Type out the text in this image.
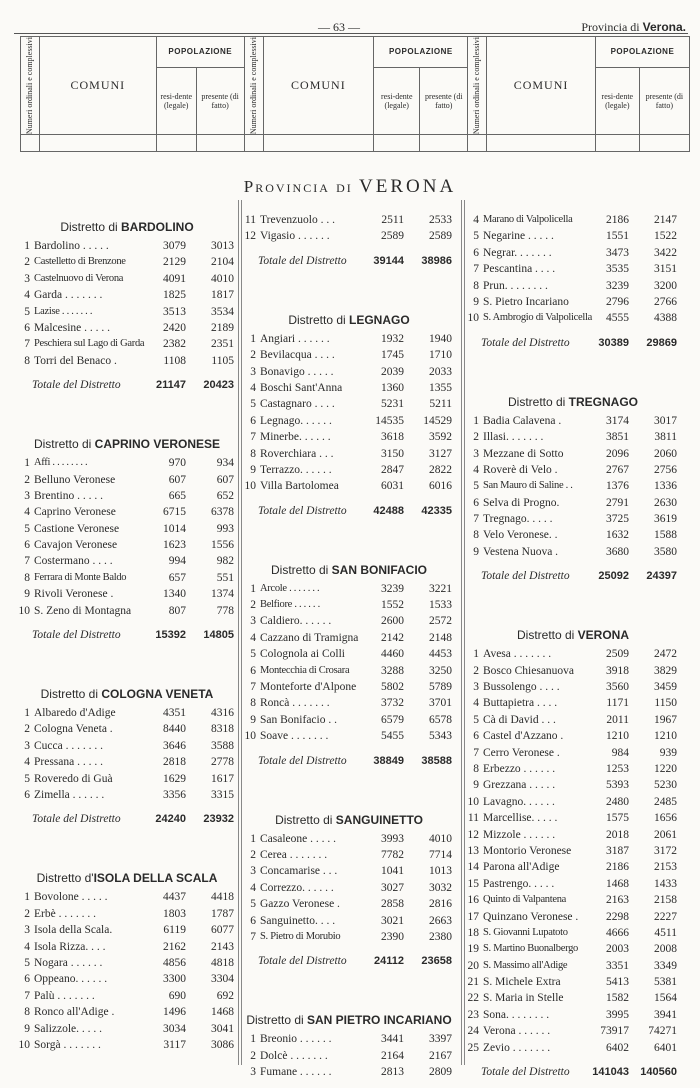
— 63 —	Provincia di Verona.
Numeri ordinali e complessivi	COMUNI	POPOLAZIONE		Numeri ordinali e complessivi	COMUNI	POPOLAZIONE		Numeri ordinali e complessivi	COMUNI	POPOLAZIONE	
		resi-dente (legale)	presente (di fatto)			resi-dente (legale)	presente (di fatto)			resi-dente (legale)	presente (di fatto)

Provincia di VERONA
Distretto di BARDOLINO
1 Bardolino . . . . .	3079	3013
2 Castelletto di Brenzone	2129	2104
3 Castelnuovo di Verona	4091	4010
4 Garda . . . . . . .	1825	1817
5 Lazise . . . . . . .	3513	3534
6 Malcesine . . . . .	2420	2189
7 Peschiera sul Lago di Garda	2382	2351
8 Torri del Benaco .	1108	1105
Totale del Distretto	21147	20423
Distretto di CAPRINO VERONESE
1 Affi . . . . . . . .	970	934
2 Belluno Veronese	607	607
3 Brentino . . . . .	665	652
4 Caprino Veronese	6715	6378
5 Castione Veronese	1014	993
6 Cavajon Veronese	1623	1556
7 Costermano . . . .	994	982
8 Ferrara di Monte Baldo	657	551
9 Rivoli Veronese .	1340	1374
10 S. Zeno di Montagna	807	778
Totale del Distretto	15392	14805
Distretto di COLOGNA VENETA
1 Albaredo d'Adige	4351	4316
2 Cologna Veneta .	8440	8318
3 Cucca . . . . . . .	3646	3588
4 Pressana . . . . .	2818	2778
5 Roveredo di Guà	1629	1617
6 Zimella . . . . . .	3356	3315
Totale del Distretto	24240	23932
Distretto d'ISOLA DELLA SCALA
1 Bovolone . . . . .	4437	4418
2 Erbè . . . . . . .	1803	1787
3 Isola della Scala.	6119	6077
4 Isola Rizza. . . .	2162	2143
5 Nogara . . . . . .	4856	4818
6 Oppeano. . . . . .	3300	3304
7 Palù . . . . . . .	690	692
8 Ronco all'Adige .	1496	1468
9 Salizzole. . . . .	3034	3041
10 Sorgà . . . . . . .	3117	3086
11 Trevenzuolo . . .	2511	2533
12 Vigasio . . . . . .	2589	2589
Totale del Distretto	39144	38986
Distretto di LEGNAGO
1 Angiari . . . . . .	1932	1940
2 Bevilacqua . . . .	1745	1710
3 Bonavigo . . . . .	2039	2033
4 Boschi Sant'Anna	1360	1355
5 Castagnaro . . . .	5231	5211
6 Legnago. . . . . .	14535	14529
7 Minerbe. . . . . .	3618	3592
8 Roverchiara . . .	3150	3127
9 Terrazzo. . . . . .	2847	2822
10 Villa Bartolomea	6031	6016
Totale del Distretto	42488	42335
Distretto di SAN BONIFACIO
1 Arcole . . . . . . .	3239	3221
2 Belfiore . . . . . .	1552	1533
3 Caldiero. . . . . .	2600	2572
4 Cazzano di Tramigna	2142	2148
5 Colognola ai Colli	4460	4453
6 Montecchia di Crosara	3288	3250
7 Monteforte d'Alpone	5802	5789
8 Roncà . . . . . . .	3732	3701
9 San Bonifacio . .	6579	6578
10 Soave . . . . . . .	5455	5343
Totale del Distretto	38849	38588
Distretto di SANGUINETTO
1 Casaleone . . . . .	3993	4010
2 Cerea . . . . . . .	7782	7714
3 Concamarise . . .	1041	1013
4 Correzzo. . . . . .	3027	3032
5 Gazzo Veronese .	2858	2816
6 Sanguinetto. . . .	3021	2663
7 S. Pietro di Morubio	2390	2380
Totale del Distretto	24112	23658
Distretto di SAN PIETRO INCARIANO
1 Breonio . . . . . .	3441	3397
2 Dolcè . . . . . . .	2164	2167
3 Fumane . . . . . .	2813	2809
4 Marano di Valpolicella	2186	2147
5 Negarine . . . . .	1551	1522
6 Negrar. . . . . . .	3473	3422
7 Pescantina . . . .	3535	3151
8 Prun. . . . . . . .	3239	3200
9 S. Pietro Incariano	2796	2766
10 S. Ambrogio di Valpolicella	4555	4388
Totale del Distretto	30389	29869
Distretto di TREGNAGO
1 Badia Calavena .	3174	3017
2 Illasi. . . . . . .	3851	3811
3 Mezzane di Sotto	2096	2060
4 Roverè di Velo .	2767	2756
5 San Mauro di Saline . .	1376	1336
6 Selva di Progno.	2791	2630
7 Tregnago. . . . .	3725	3619
8 Velo Veronese. .	1632	1588
9 Vestena Nuova .	3680	3580
Totale del Distretto	25092	24397
Distretto di VERONA
1 Avesa . . . . . . .	2509	2472
2 Bosco Chiesanuova	3918	3829
3 Bussolengo . . . .	3560	3459
4 Buttapietra . . . .	1171	1150
5 Cà di David . . .	2011	1967
6 Castel d'Azzano .	1210	1210
7 Cerro Veronese .	984	939
8 Erbezzo . . . . . .	1253	1220
9 Grezzana . . . . .	5393	5230
10 Lavagno. . . . . .	2480	2485
11 Marcellise. . . . .	1575	1656
12 Mizzole . . . . . .	2018	2061
13 Montorio Veronese	3187	3172
14 Parona all'Adige	2186	2153
15 Pastrengo. . . . .	1468	1433
16 Quinto di Valpantena	2163	2158
17 Quinzano Veronese .	2298	2227
18 S. Giovanni Lupatoto	4666	4511
19 S. Martino Buonalbergo	2003	2008
20 S. Massimo all'Adige	3351	3349
21 S. Michele Extra	5413	5381
22 S. Maria in Stelle	1582	1564
23 Sona. . . . . . . .	3995	3941
24 Verona . . . . . .	73917	74271
25 Zevio . . . . . . .	6402	6401
Totale del Distretto	141043	140560
